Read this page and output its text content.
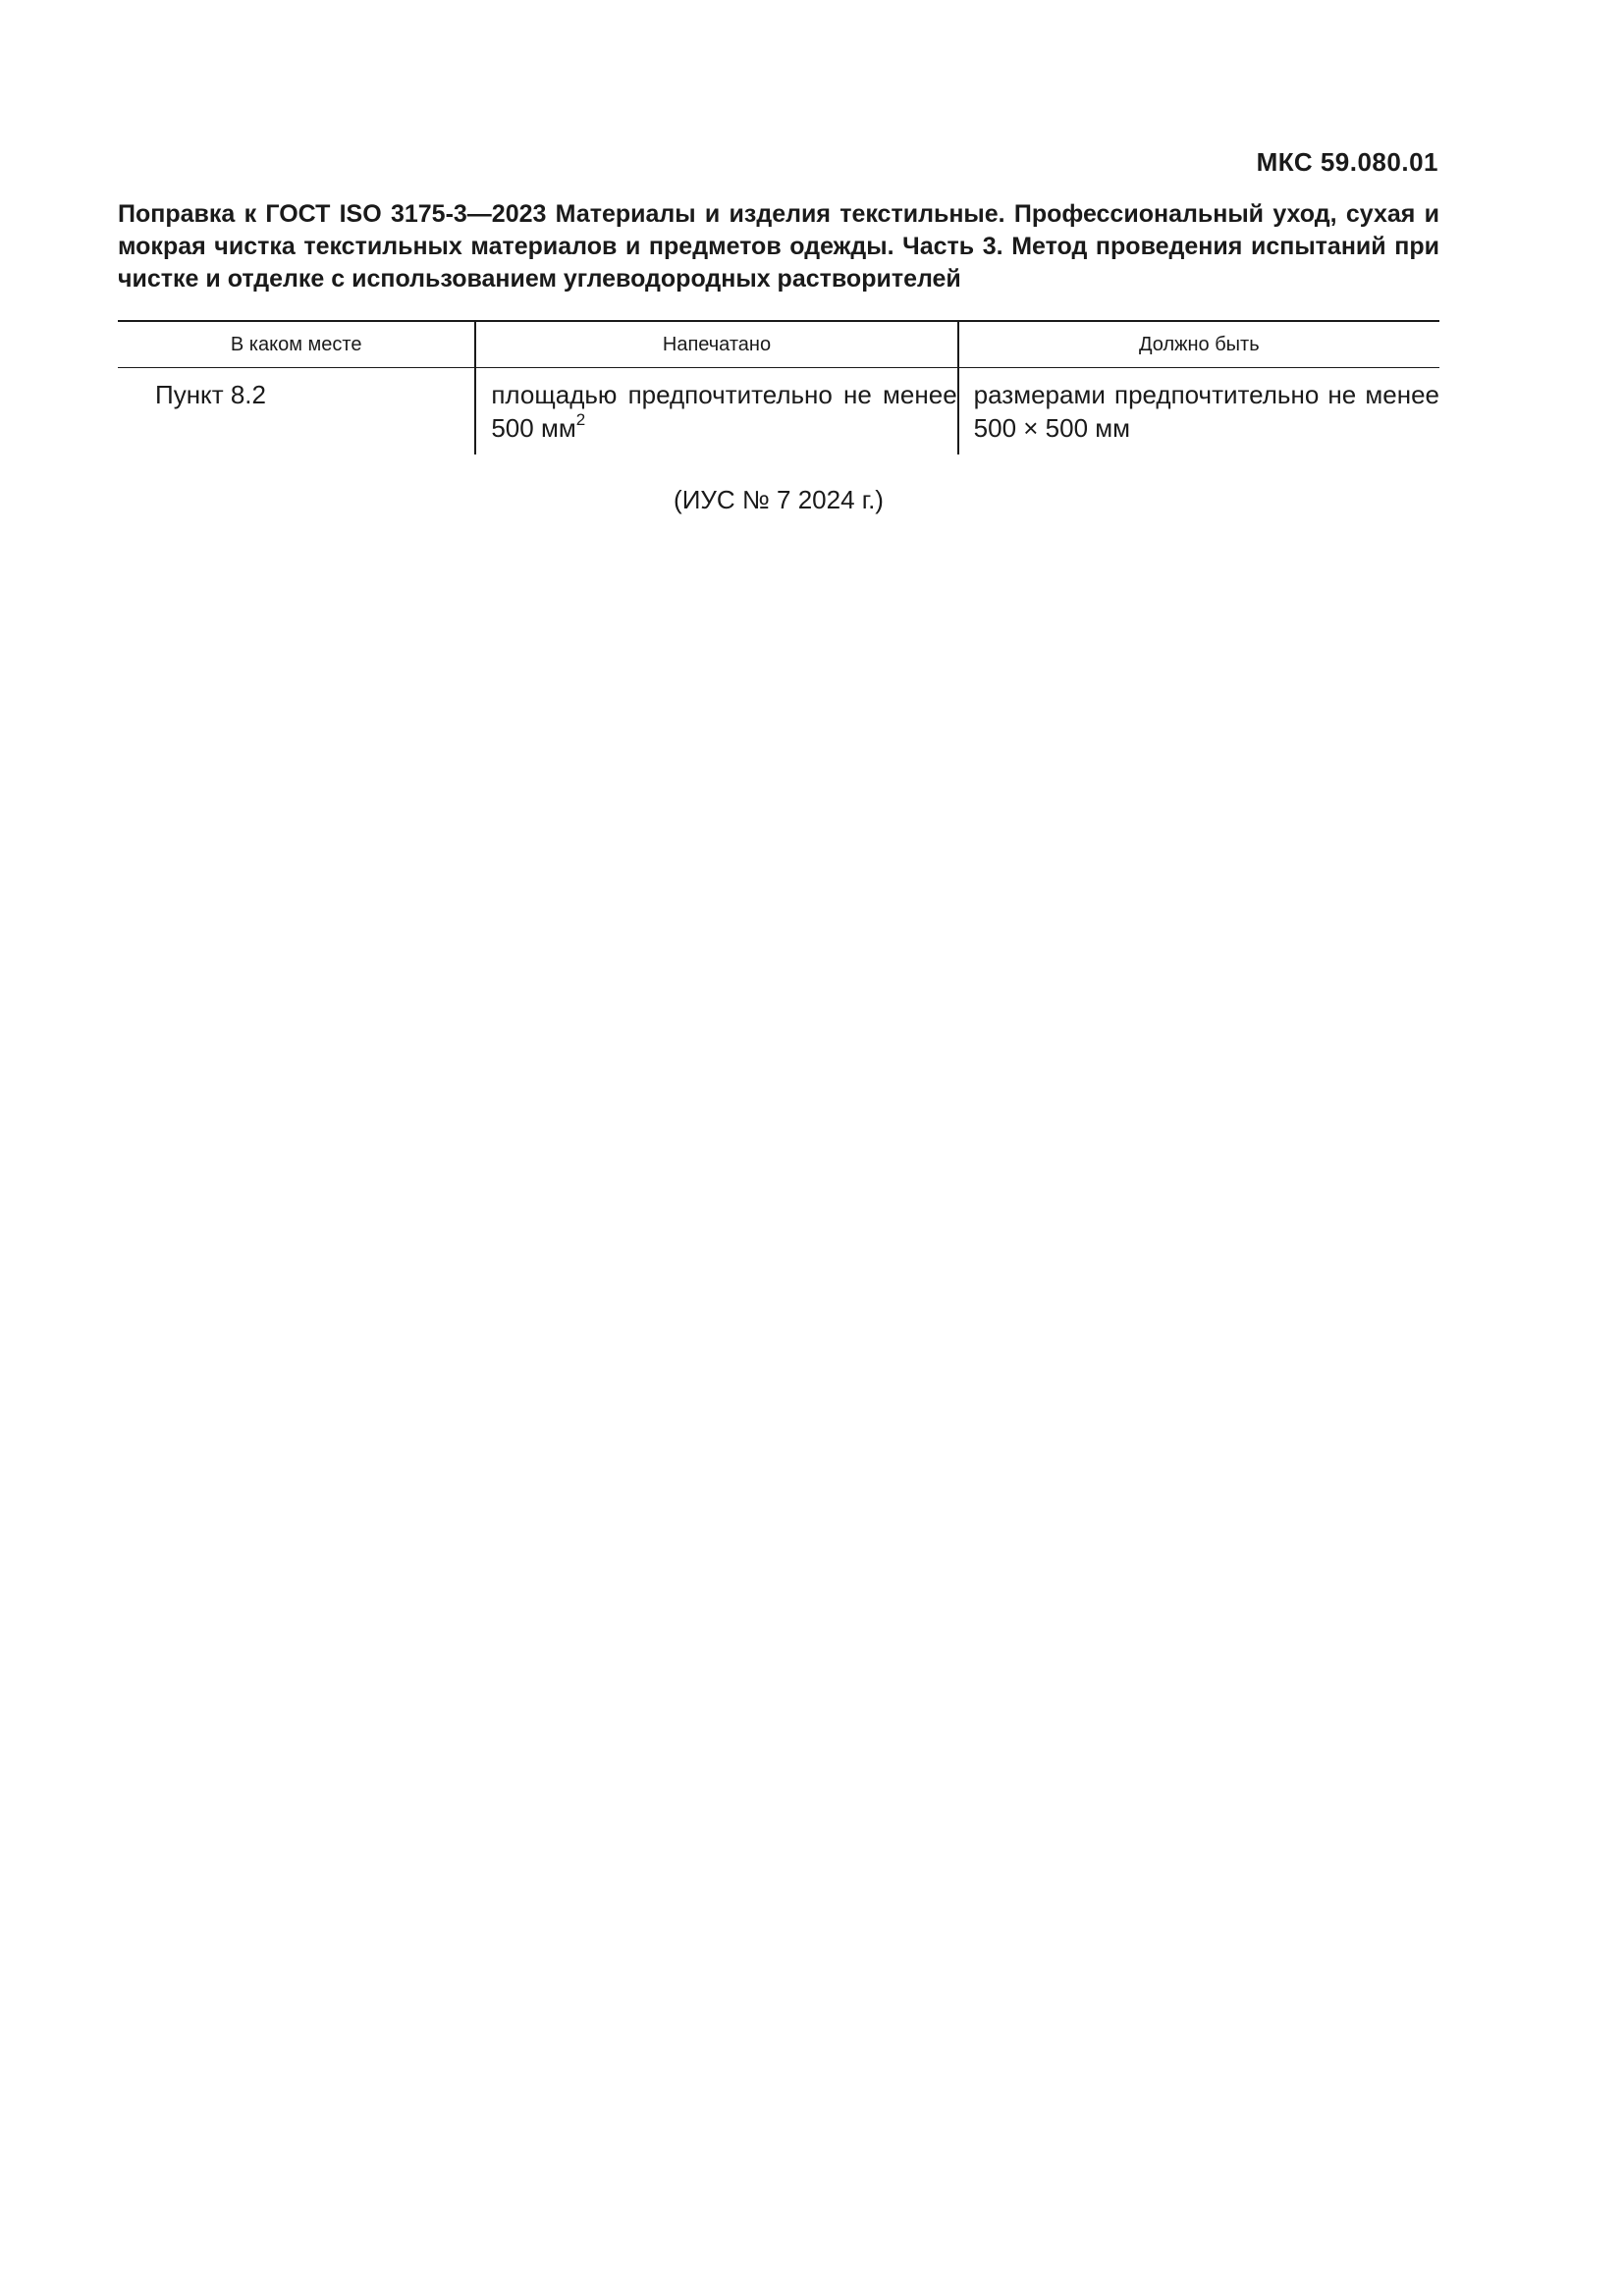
МКС 59.080.01
Поправка к ГОСТ ISO 3175-3—2023 Материалы и изделия текстильные. Профессиональный уход, сухая и мокрая чистка текстильных материалов и предметов одежды. Часть 3. Метод проведения испытаний при чистке и отделке с использованием углеводородных растворителей
В каком месте	Напечатано	Должно быть
Пункт 8.2	площадью предпочтительно не менее 500 $мм^2$	размерами предпочтительно не менее 500 × 500 мм
(ИУС № 7 2024 г.)
